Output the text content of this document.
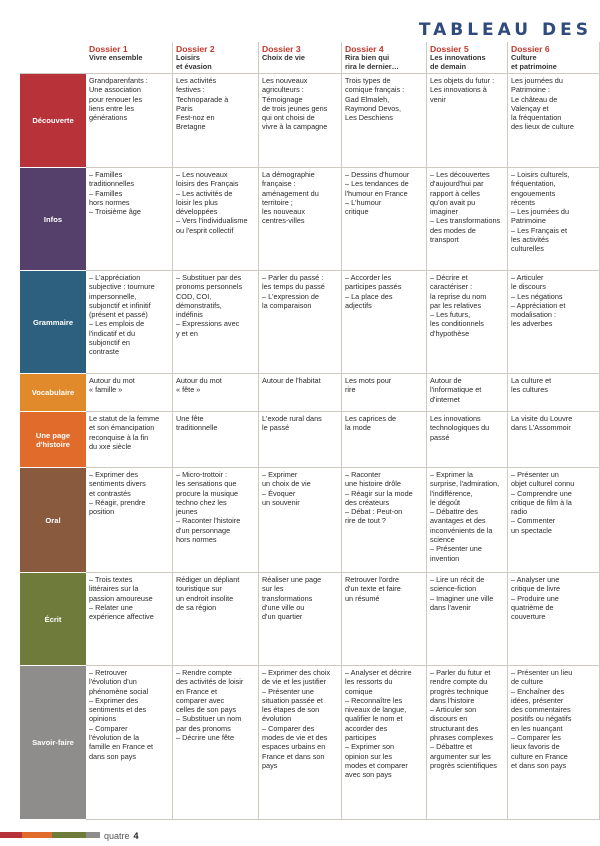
TABLEAU DES
Dossier 1
Vivre ensemble
Dossier 2
Loisirs
et évasion
Dossier 3
Choix de vie
Dossier 4
Rira bien qui
rira le dernier…
Dossier 5
Les innovations
de demain
Dossier 6
Culture
et patrimoine
Découverte
Grandparenfants :
Une association
pour renouer les
liens entre les
générations
Les activités
festives :
Technoparade à
Paris
Fest-noz en
Bretagne
Les nouveaux
agriculteurs :
Témoignage
de trois jeunes gens
qui ont choisi de
vivre à la campagne
Trois types de
comique français :
Gad Elmaleh,
Raymond Devos,
Les Deschiens
Les objets du futur :
Les innovations à
venir
Les journées du
Patrimoine :
Le château de
Valençay et
la fréquentation
des lieux de culture
Infos
– Familles
traditionnelles
– Familles
hors normes
– Troisième âge
– Les nouveaux
loisirs des Français
– Les activités de
loisir les plus
développées
– Vers l'individualisme
ou l'esprit collectif
La démographie
française :
aménagement du
territoire ;
les nouveaux
centres-villes
– Dessins d'humour
– Les tendances de
l'humour en France
– L'humour
critique
– Les découvertes
d'aujourd'hui par
rapport à celles
qu'on avait pu
imaginer
– Les transformations
des modes de
transport
– Loisirs culturels,
fréquentation,
engouements
récents
– Les journées du
Patrimoine
– Les Français et
les activités
culturelles
Grammaire
– L'appréciation
subjective : tournure
impersonnelle,
subjonctif et infinitif
(présent et passé)
– Les emplois de
l'indicatif et du
subjonctif en
contraste
– Substituer par des
pronoms personnels
COD, COI,
démonstratifs,
indéfinis
– Expressions avec
y et en
– Parler du passé :
les temps du passé
– L'expression de
la comparaison
– Accorder les
participes passés
– La place des
adjectifs
– Décrire et
caractériser :
la reprise du nom
par les relatives
– Les futurs,
les conditionnels
d'hypothèse
– Articuler
le discours
– Les négations
– Appréciation et
modalisation :
les adverbes
Vocabulaire
Autour du mot
« famille »
Autour du mot
« fête »
Autour de l'habitat	Les mots pour
rire
Autour de
l'informatique et
d'internet
La culture et
les cultures
Une page
d'histoire
Le statut de la femme
et son émancipation
reconquise à la fin
du xxe siècle
Une fête
traditionnelle
L'exode rural dans
le passé
Les caprices de
la mode
Les innovations
technologiques du
passé
La visite du Louvre
dans L'Assommoir
Oral
– Exprimer des
sentiments divers
et contrastés
– Réagir, prendre
position
– Micro-trottoir :
les sensations que
procure la musique
techno chez les
jeunes
– Raconter l'histoire
d'un personnage
hors normes
– Exprimer
un choix de vie
– Évoquer
un souvenir
– Raconter
une histoire drôle
– Réagir sur la mode
des créateurs
– Débat : Peut-on
rire de tout ?
– Exprimer la
surprise, l'admiration,
l'indifférence,
le dégoût
– Débattre des
avantages et des
inconvénients de la
science
– Présenter une
invention
– Présenter un
objet culturel connu
– Comprendre une
critique de film à la
radio
– Commenter
un spectacle
Écrit
– Trois textes
littéraires sur la
passion amoureuse
– Relater une
expérience affective
Rédiger un dépliant
touristique sur
un endroit insolite
de sa région
Réaliser une page
sur les
transformations
d'une ville ou
d'un quartier
Retrouver l'ordre
d'un texte et faire
un résumé
– Lire un récit de
science-fiction
– Imaginer une ville
dans l'avenir
– Analyser une
critique de livre
– Produire une
quatrième de
couverture
Savoir-faire
– Retrouver
l'évolution d'un
phénomène social
– Exprimer des
sentiments et des
opinions
– Comparer
l'évolution de la
famille en France et
dans son pays
– Rendre compte
des activités de loisir
en France et
comparer avec
celles de son pays
– Substituer un nom
par des pronoms
– Décrire une fête
– Exprimer des choix
de vie et les justifier
– Présenter une
situation passée et
les étapes de son
évolution
– Comparer des
modes de vie et des
espaces urbains en
France et dans son
pays
– Analyser et décrire
les ressorts du
comique
– Reconnaître les
niveaux de langue,
qualifier le nom et
accorder des
participes
– Exprimer son
opinion sur les
modes et comparer
avec son pays
– Parler du futur et
rendre compte du
progrès technique
dans l'histoire
– Articuler son
discours en
structurant des
phrases complexes
– Débattre et
argumenter sur les
progrès scientifiques
– Présenter un lieu
de culture
– Enchaîner des
idées, présenter
des commentaires
positifs ou négatifs
en les nuançant
– Comparer les
lieux favoris de
culture en France
et dans son pays
quatre 4
